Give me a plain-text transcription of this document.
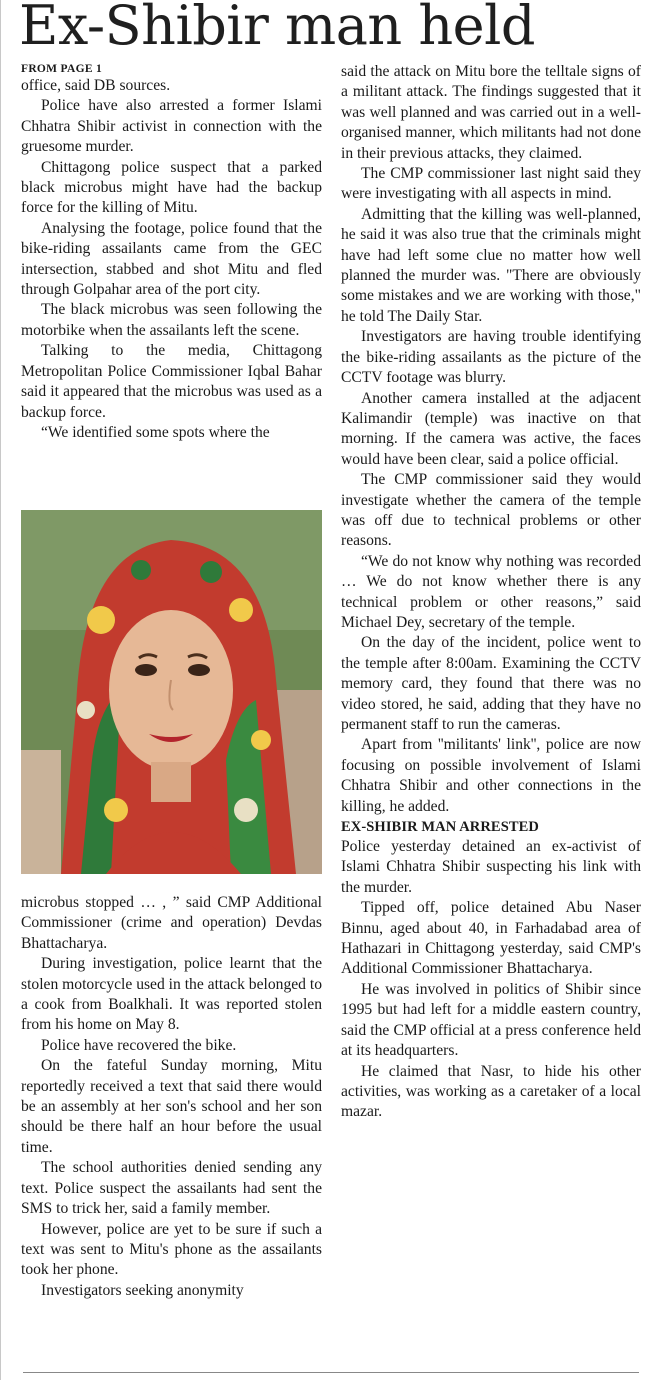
Ex-Shibir man held
FROM PAGE 1

office, said DB sources.

Police have also arrested a former Islami Chhatra Shibir activist in connection with the gruesome murder.

Chittagong police suspect that a parked black microbus might have had the backup force for the killing of Mitu.

Analysing the footage, police found that the bike-riding assailants came from the GEC intersection, stabbed and shot Mitu and fled through Golpahar area of the port city.

The black microbus was seen following the motorbike when the assailants left the scene.

Talking to the media, Chittagong Metropolitan Police Commissioner Iqbal Bahar said it appeared that the microbus was used as a backup force.

“We identified some spots where the

microbus stopped … , ” said CMP Additional Commissioner (crime and operation) Devdas Bhattacharya.

During investigation, police learnt that the stolen motorcycle used in the attack belonged to a cook from Boalkhali. It was reported stolen from his home on May 8.

Police have recovered the bike.

On the fateful Sunday morning, Mitu reportedly received a text that said there would be an assembly at her son's school and her son should be there half an hour before the usual time.

The school authorities denied sending any text. Police suspect the assailants had sent the SMS to trick her, said a family member.

However, police are yet to be sure if such a text was sent to Mitu's phone as the assailants took her phone.

Investigators seeking anonymity

said the attack on Mitu bore the telltale signs of a militant attack. The findings suggested that it was well planned and was carried out in a well-organised manner, which militants had not done in their previous attacks, they claimed.

The CMP commissioner last night said they were investigating with all aspects in mind.

Admitting that the killing was well-planned, he said it was also true that the criminals might have had left some clue no matter how well planned the murder was. "There are obviously some mistakes and we are working with those," he told The Daily Star.

Investigators are having trouble identifying the bike-riding assailants as the picture of the CCTV footage was blurry.

Another camera installed at the adjacent Kalimandir (temple) was inactive on that morning. If the camera was active, the faces would have been clear, said a police official.

The CMP commissioner said they would investigate whether the camera of the temple was off due to technical problems or other reasons.

“We do not know why nothing was recorded … We do not know whether there is any technical problem or other reasons,” said Michael Dey, secretary of the temple.

On the day of the incident, police went to the temple after 8:00am. Examining the CCTV memory card, they found that there was no video stored, he said, adding that they have no permanent staff to run the cameras.

Apart from ''militants' link'', police are now focusing on possible involvement of Islami Chhatra Shibir and other connections in the killing, he added.

EX-SHIBIR MAN ARRESTED

Police yesterday detained an ex-activist of Islami Chhatra Shibir suspecting his link with the murder.

Tipped off, police detained Abu Naser Binnu, aged about 40, in Farhadabad area of Hathazari in Chittagong yesterday, said CMP's Additional Commissioner Bhattacharya.

He was involved in politics of Shibir since 1995 but had left for a middle eastern country, said the CMP official at a press conference held at its headquarters.

He claimed that Nasr, to hide his other activities, was working as a caretaker of a local mazar.
